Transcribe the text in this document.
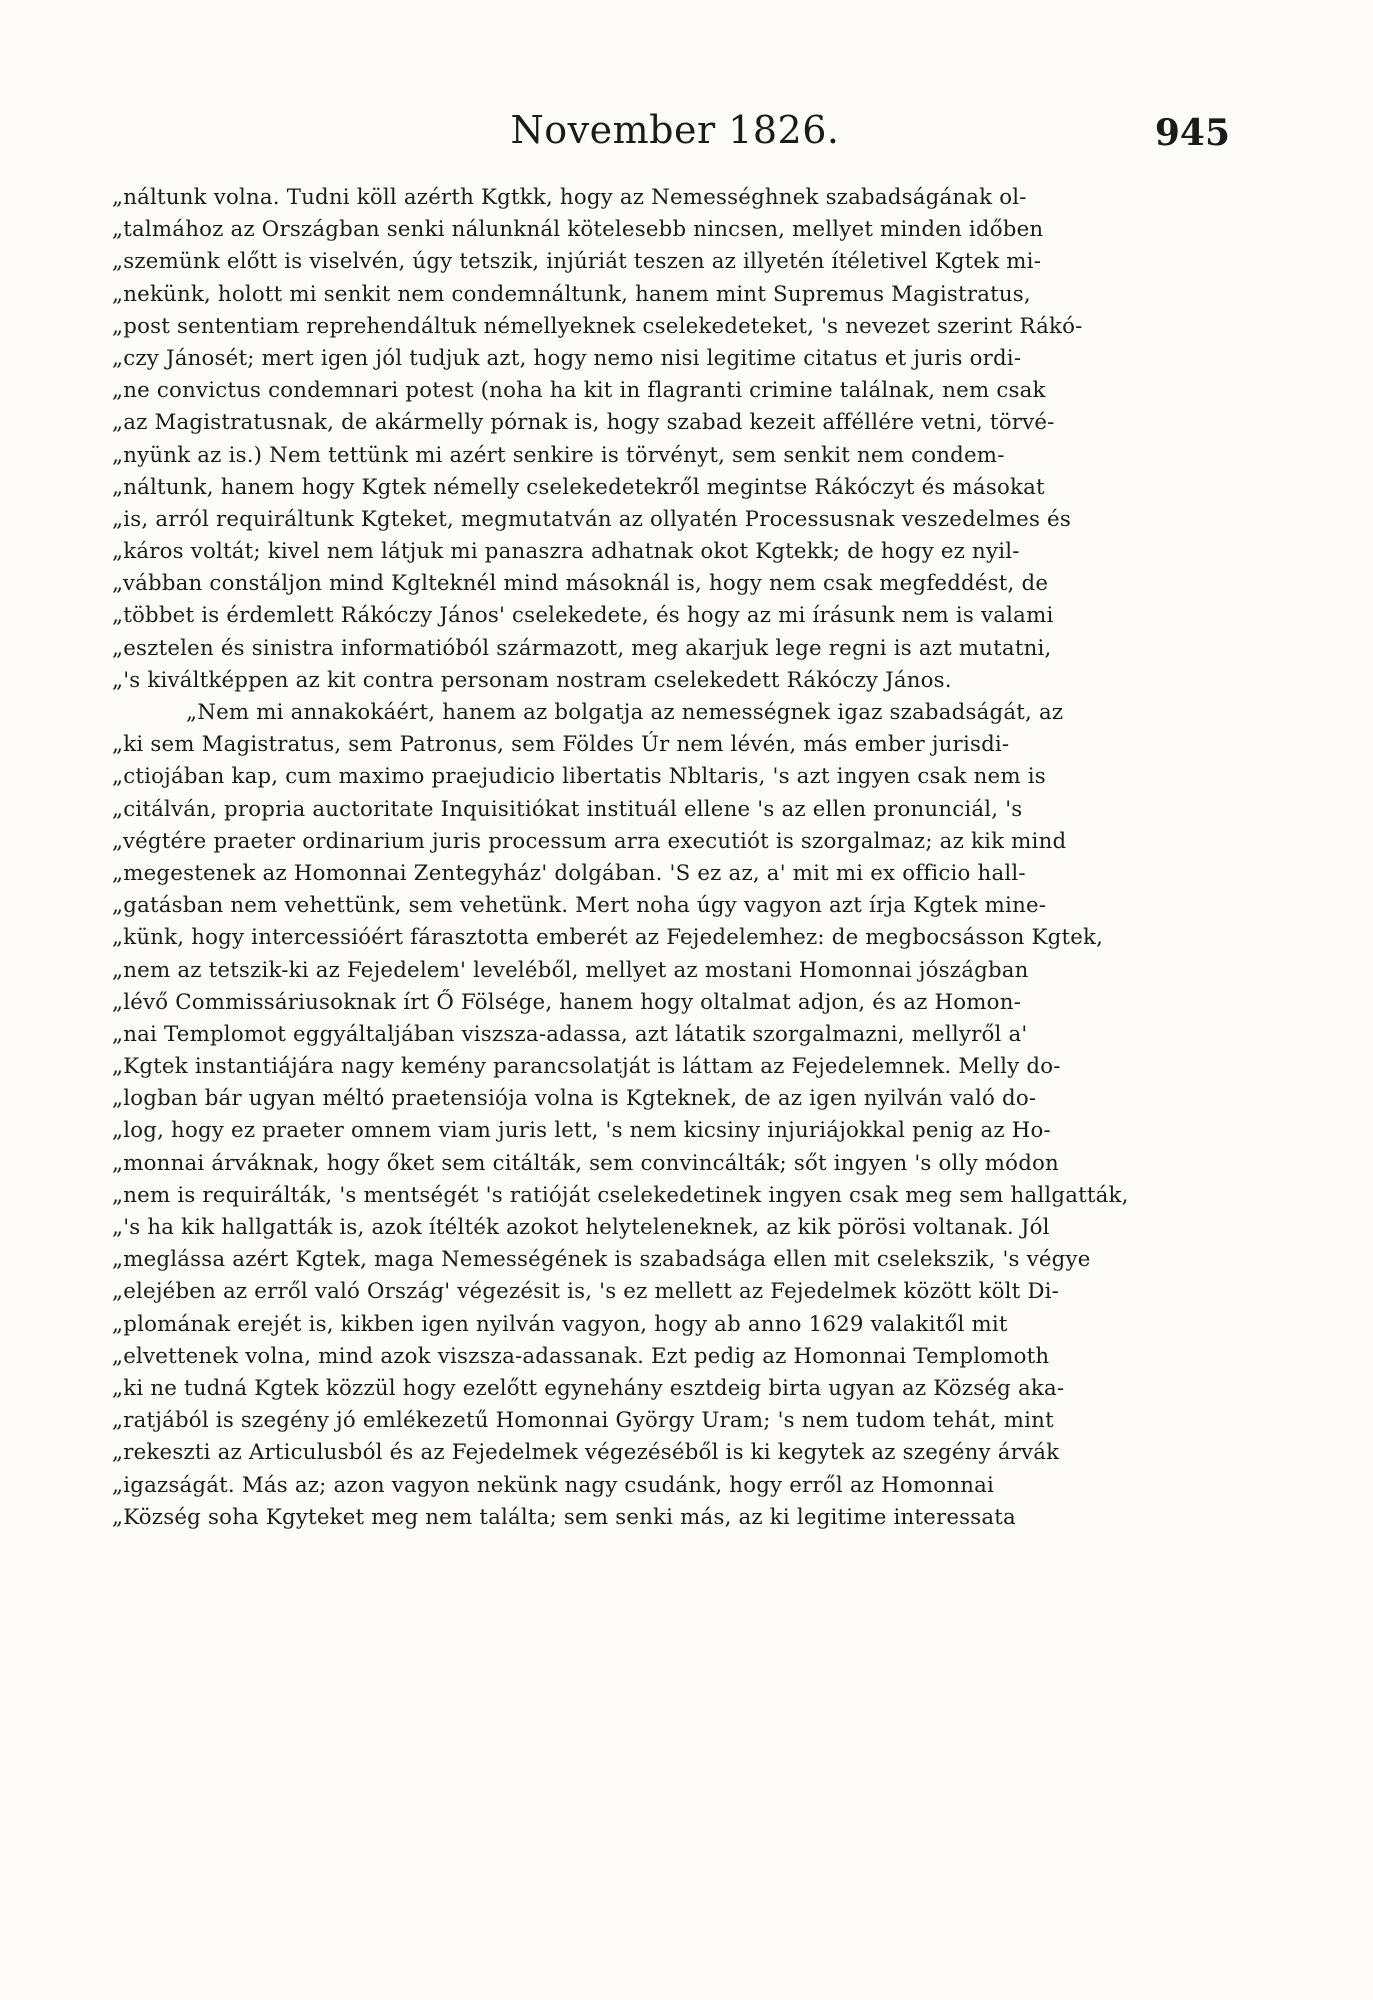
November 1826.	945
„náltunk volna. Tudni köll azérth Kgtkk, hogy az Nemességhnek szabadságának ol-
„talmához az Országban senki nálunknál kötelesebb nincsen, mellyet minden időben
„szemünk előtt is viselvén, úgy tetszik, injúriát teszen az illyetén ítéletivel Kgtek mi-
„nekünk, holott mi senkit nem condemnáltunk, hanem mint Supremus Magistratus,
„post sententiam reprehendáltuk némellyeknek cselekedeteket, 's nevezet szerint Rákó-
„czy Jánosét; mert igen jól tudjuk azt, hogy nemo nisi legitime citatus et juris ordi-
„ne convictus condemnari potest (noha ha kit in flagranti crimine találnak, nem csak
„az Magistratusnak, de akármelly pórnak is, hogy szabad kezeit afféllére vetni, törvé-
„nyünk az is.) Nem tettünk mi azért senkire is törvényt, sem senkit nem condem-
„náltunk, hanem hogy Kgtek némelly cselekedetekről megintse Rákóczyt és másokat
„is, arról requiráltunk Kgteket, megmutatván az ollyatén Processusnak veszedelmes és
„káros voltát; kivel nem látjuk mi panaszra adhatnak okot Kgtekk; de hogy ez nyil-
„vábban constáljon mind Kglteknél mind másoknál is, hogy nem csak megfeddést, de
„többet is érdemlett Rákóczy János' cselekedete, és hogy az mi írásunk nem is valami
„esztelen és sinistra informatióból származott, meg akarjuk lege regni is azt mutatni,
„'s kiváltképpen az kit contra personam nostram cselekedett Rákóczy János.
„Nem mi annakokáért, hanem az bolgatja az nemességnek igaz szabadságát, az
„ki sem Magistratus, sem Patronus, sem Földes Úr nem lévén, más ember jurisdi-
„ctiojában kap, cum maximo praejudicio libertatis Nbltaris, 's azt ingyen csak nem is
„citálván, propria auctoritate Inquisitiókat instituál ellene 's az ellen pronunciál, 's
„végtére praeter ordinarium juris processum arra executiót is szorgalmaz; az kik mind
„megestenek az Homonnai Zentegyház' dolgában. 'S ez az, a' mit mi ex officio hall-
„gatásban nem vehettünk, sem vehetünk. Mert noha úgy vagyon azt írja Kgtek mine-
„künk, hogy intercessióért fárasztotta emberét az Fejedelemhez: de megbocsásson Kgtek,
„nem az tetszik-ki az Fejedelem' leveléből, mellyet az mostani Homonnai jószágban
„lévő Commissáriusoknak írt Ő Fölsége, hanem hogy oltalmat adjon, és az Homon-
„nai Templomot eggyáltaljában viszsza-adassa, azt látatik szorgalmazni, mellyről a'
„Kgtek instantiájára nagy kemény parancsolatját is láttam az Fejedelemnek. Melly do-
„logban bár ugyan méltó praetensiója volna is Kgteknek, de az igen nyilván való do-
„log, hogy ez praeter omnem viam juris lett, 's nem kicsiny injuriájokkal penig az Ho-
„monnai árváknak, hogy őket sem citálták, sem convincálták; sőt ingyen 's olly módon
„nem is requirálták, 's mentségét 's ratióját cselekedetinek ingyen csak meg sem hallgatták,
„'s ha kik hallgatták is, azok ítélték azokot helyteleneknek, az kik pörösi voltanak. Jól
„meglássa azért Kgtek, maga Nemességének is szabadsága ellen mit cselekszik, 's végye
„elejében az erről való Ország' végezésit is, 's ez mellett az Fejedelmek között költ Di-
„plomának erejét is, kikben igen nyilván vagyon, hogy ab anno 1629 valakitől mit
„elvettenek volna, mind azok viszsza-adassanak. Ezt pedig az Homonnai Templomoth
„ki ne tudná Kgtek közzül hogy ezelőtt egynehány esztdeig birta ugyan az Község aka-
„ratjából is szegény jó emlékezetű Homonnai György Uram; 's nem tudom tehát, mint
„rekeszti az Articulusból és az Fejedelmek végezéséből is ki kegytek az szegény árvák
„igazságát. Más az; azon vagyon nekünk nagy csudánk, hogy erről az Homonnai
„Község soha Kgyteket meg nem találta; sem senki más, az ki legitime interessata
